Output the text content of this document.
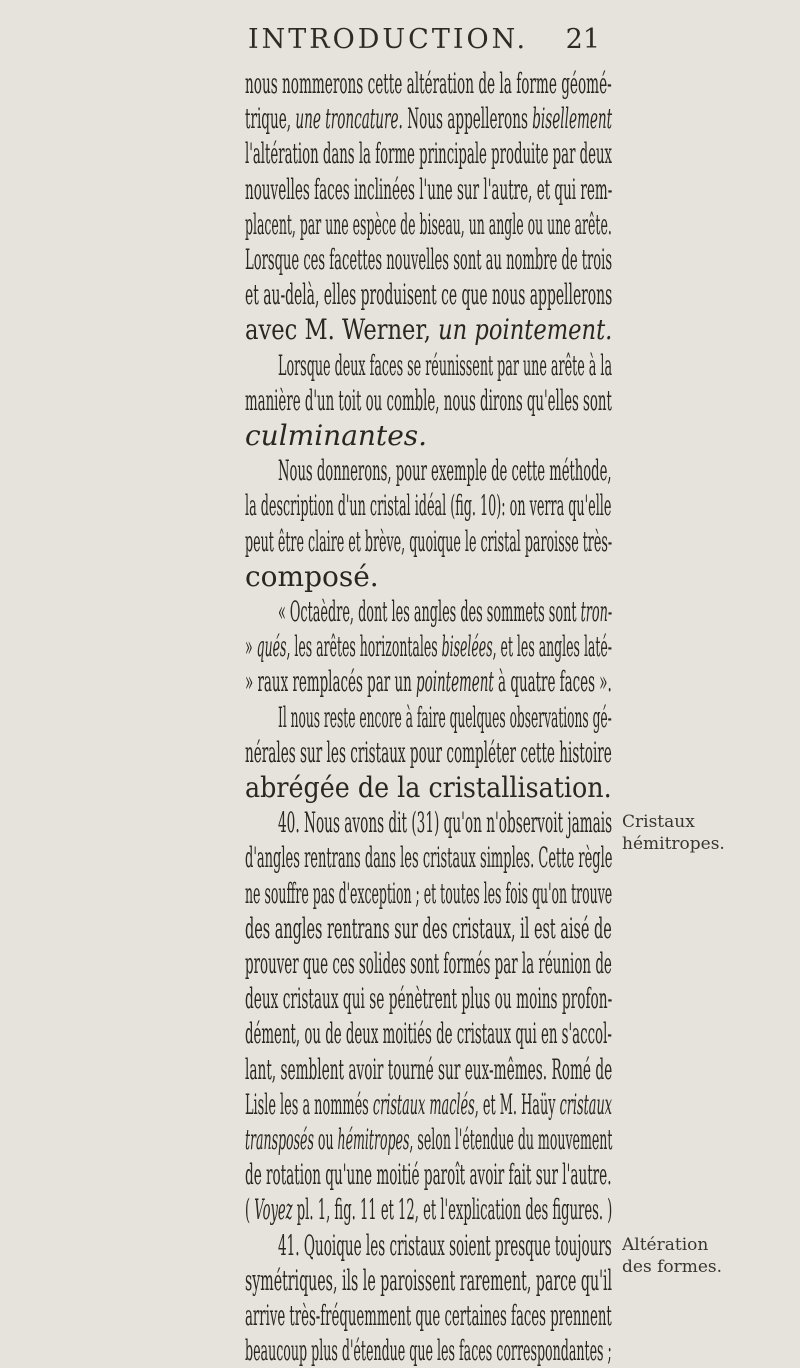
INTRODUCTION. 21
nous nommerons cette altération de la forme géomé-
trique, une troncature. Nous appellerons bisellement
l'altération dans la forme principale produite par deux
nouvelles faces inclinées l'une sur l'autre, et qui rem-
placent, par une espèce de biseau, un angle ou une arête.
Lorsque ces facettes nouvelles sont au nombre de trois
et au-delà, elles produisent ce que nous appellerons
avec M. Werner, un pointement.
Lorsque deux faces se réunissent par une arête à la
manière d'un toit ou comble, nous dirons qu'elles sont
culminantes.
Nous donnerons, pour exemple de cette méthode,
la description d'un cristal idéal (fig. 10): on verra qu'elle
peut être claire et brève, quoique le cristal paroisse très-
composé.
« Octaèdre, dont les angles des sommets sont tron-
» qués, les arêtes horizontales biselées, et les angles laté-
» raux remplacés par un pointement à quatre faces ».
Il nous reste encore à faire quelques observations gé-
nérales sur les cristaux pour compléter cette histoire
abrégée de la cristallisation.
40. Nous avons dit (31) qu'on n'observoit jamais
d'angles rentrans dans les cristaux simples. Cette règle
ne souffre pas d'exception ; et toutes les fois qu'on trouve
des angles rentrans sur des cristaux, il est aisé de
prouver que ces solides sont formés par la réunion de
deux cristaux qui se pénètrent plus ou moins profon-
dément, ou de deux moitiés de cristaux qui en s'accol-
lant, semblent avoir tourné sur eux-mêmes. Romé de
Lisle les a nommés cristaux maclés, et M. Haüy cristaux
transposés ou hémitropes, selon l'étendue du mouvement
de rotation qu'une moitié paroît avoir fait sur l'autre.
( Voyez pl. 1, fig. 11 et 12, et l'explication des figures. )
41. Quoique les cristaux soient presque toujours
symétriques, ils le paroissent rarement, parce qu'il
arrive très-fréquemment que certaines faces prennent
beaucoup plus d'étendue que les faces correspondantes ;
Cristaux
hémitropes.
Altération
des formes.
